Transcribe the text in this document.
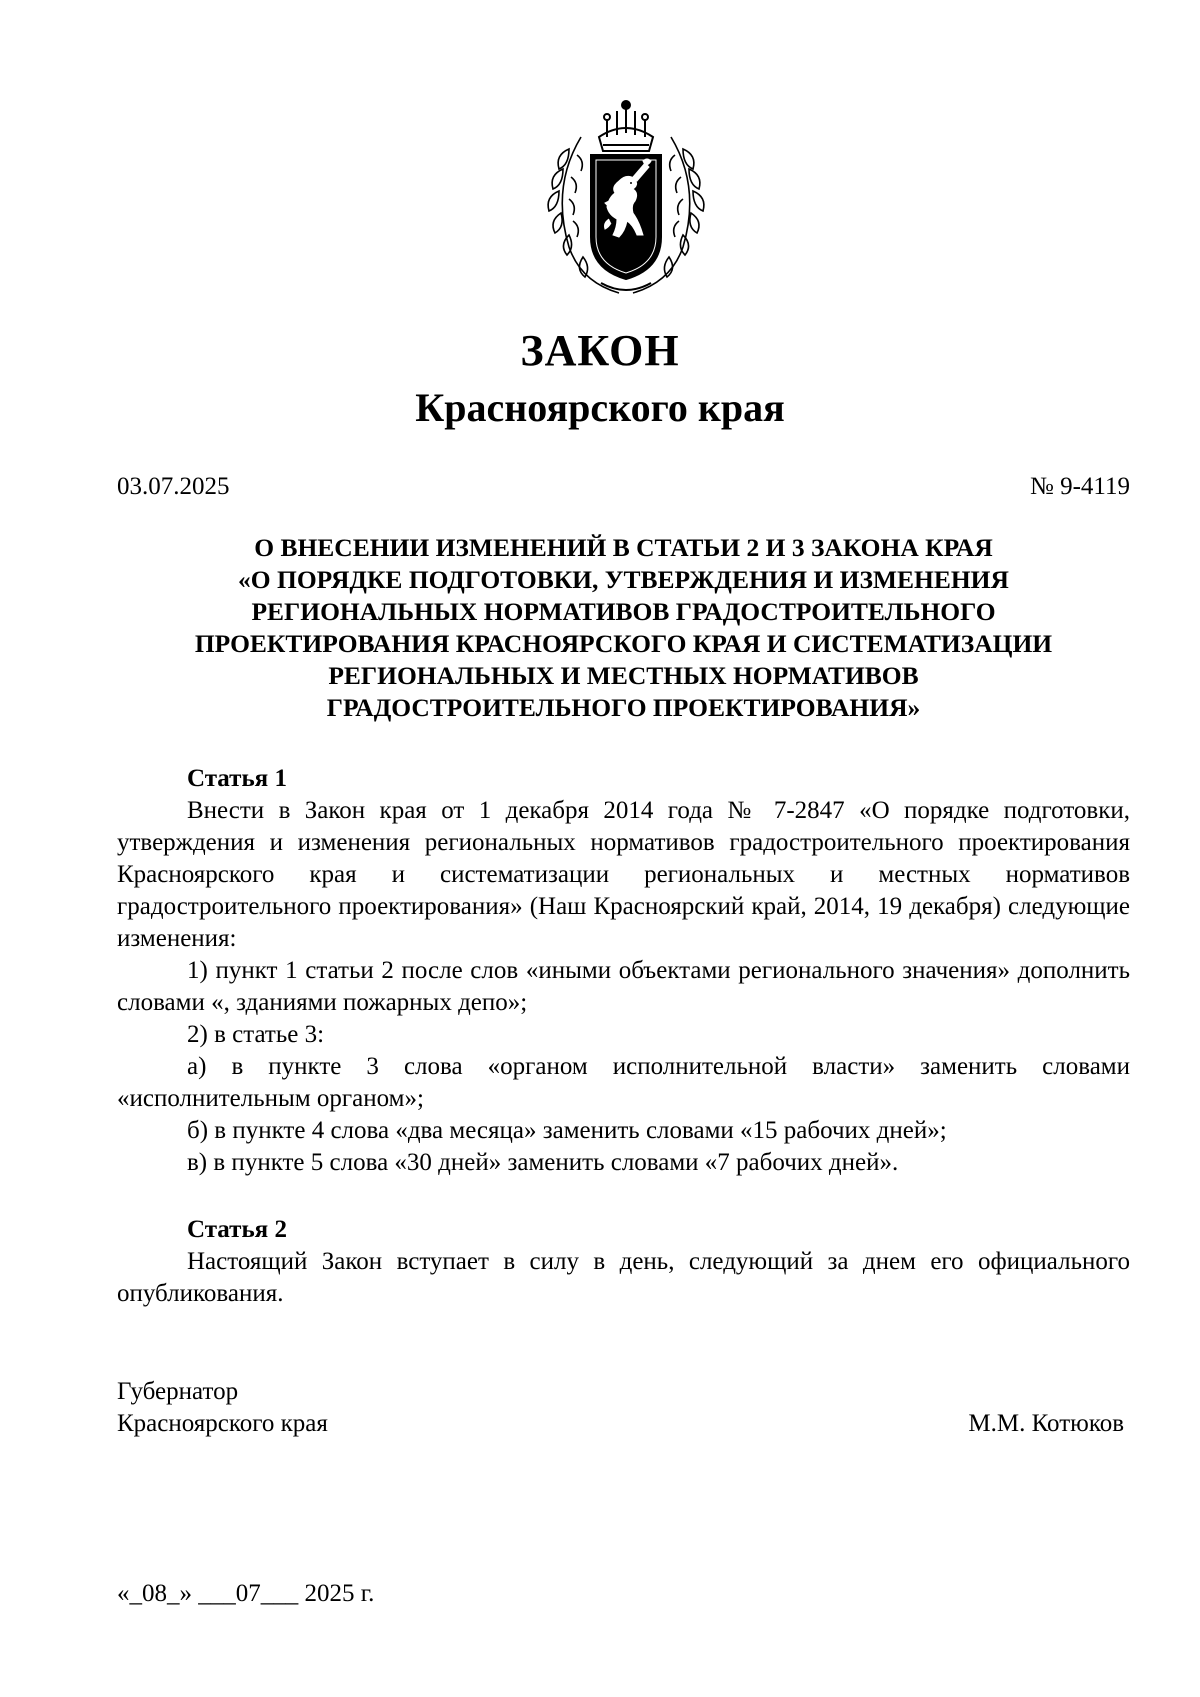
ЗАКОН
Красноярского края
03.07.2025	№ 9-4119
О ВНЕСЕНИИ ИЗМЕНЕНИЙ В СТАТЬИ 2 И 3 ЗАКОНА КРАЯ
«О ПОРЯДКЕ ПОДГОТОВКИ, УТВЕРЖДЕНИЯ И ИЗМЕНЕНИЯ
РЕГИОНАЛЬНЫХ НОРМАТИВОВ ГРАДОСТРОИТЕЛЬНОГО
ПРОЕКТИРОВАНИЯ КРАСНОЯРСКОГО КРАЯ И СИСТЕМАТИЗАЦИИ
РЕГИОНАЛЬНЫХ И МЕСТНЫХ НОРМАТИВОВ
ГРАДОСТРОИТЕЛЬНОГО ПРОЕКТИРОВАНИЯ»
Статья 1

Внести в Закон края от 1 декабря 2014 года № 7-2847 «О порядке подготовки, утверждения и изменения региональных нормативов градостроительного проектирования Красноярского края и систематизации региональных и местных нормативов градостроительного проектирования» (Наш Красноярский край, 2014, 19 декабря) следующие изменения:

1) пункт 1 статьи 2 после слов «иными объектами регионального значения» дополнить словами «, зданиями пожарных депо»;

2) в статье 3:

а) в пункте 3 слова «органом исполнительной власти» заменить словами «исполнительным органом»;

б) в пункте 4 слова «два месяца» заменить словами «15 рабочих дней»;

в) в пункте 5 слова «30 дней» заменить словами «7 рабочих дней».

Статья 2

Настоящий Закон вступает в силу в день, следующий за днем его официального опубликования.

Губернатор
Красноярского края	М.М. Котюков
«_08_» ___07___ 2025 г.
